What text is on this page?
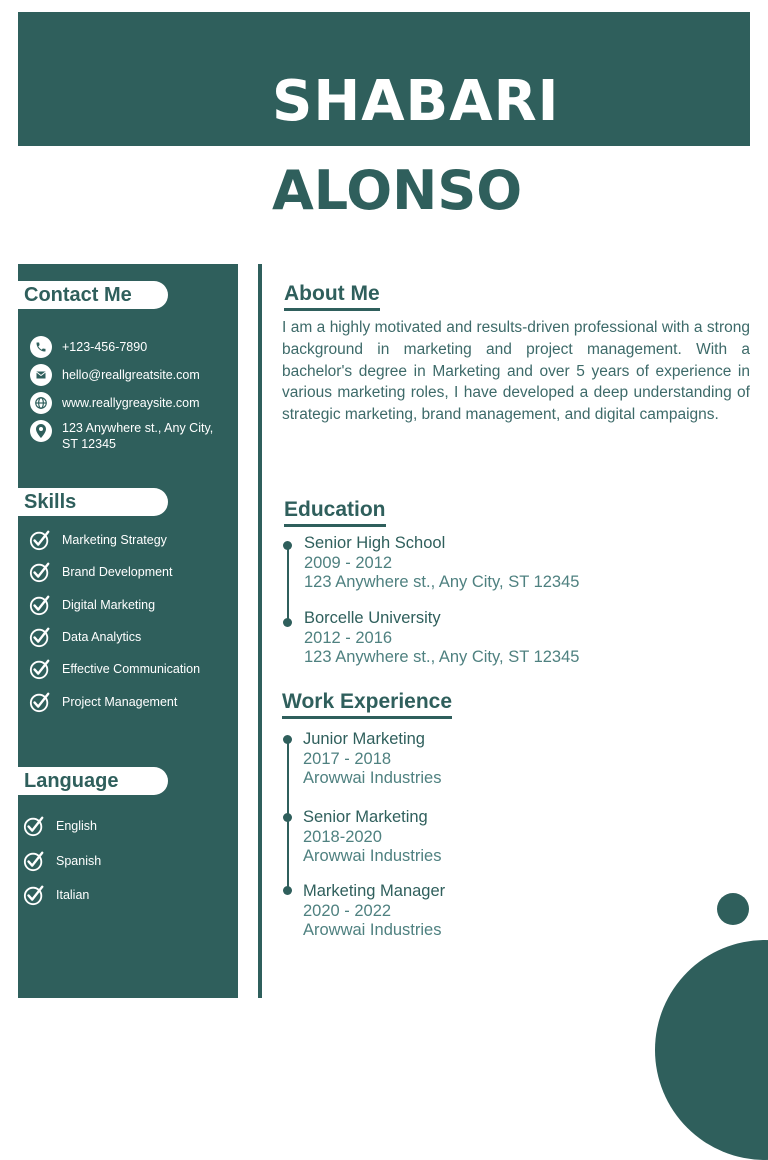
SHABARI
ALONSO
Contact Me
+123-456-7890
hello@reallgreatsite.com
www.reallygreaysite.com
123 Anywhere st., Any City, ST 12345
Skills
Marketing Strategy
Brand Development
Digital Marketing
Data Analytics
Effective Communication
Project Management
Language
English
Spanish
Italian
About Me
I am a highly motivated and results-driven professional with a strong background in marketing and project management. With a bachelor's degree in Marketing and over 5 years of experience in various marketing roles, I have developed a deep understanding of strategic marketing, brand management, and digital campaigns.
Education
Senior High School
2009 - 2012
123 Anywhere st., Any City, ST 12345
Borcelle University
2012 - 2016
123 Anywhere st., Any City, ST 12345
Work Experience
Junior Marketing
2017 - 2018
Arowwai Industries
Senior Marketing
2018-2020
Arowwai Industries
Marketing Manager
2020 - 2022
Arowwai Industries
